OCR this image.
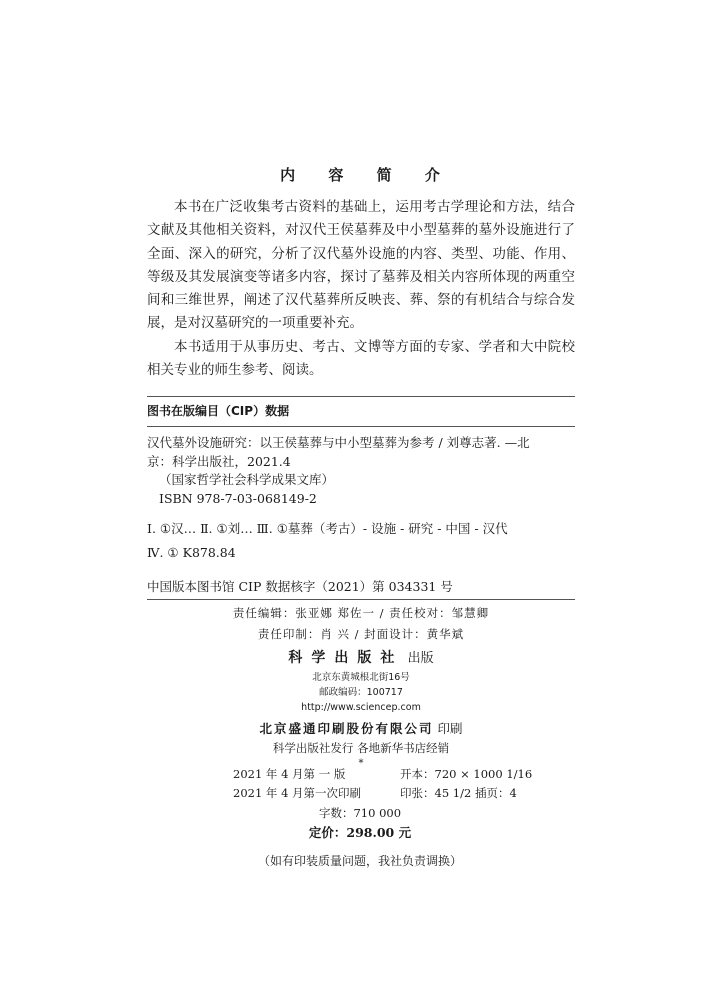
内 容 简 介

本书在广泛收集考古资料的基础上，运用考古学理论和方法，结合文献及其他相关资料，对汉代王侯墓葬及中小型墓葬的墓外设施进行了全面、深入的研究，分析了汉代墓外设施的内容、类型、功能、作用、等级及其发展演变等诸多内容，探讨了墓葬及相关内容所体现的两重空间和三维世界，阐述了汉代墓葬所反映丧、葬、祭的有机结合与综合发展，是对汉墓研究的一项重要补充。

本书适用于从事历史、考古、文博等方面的专家、学者和大中院校相关专业的师生参考、阅读。

图书在版编目（CIP）数据
汉代墓外设施研究：以王侯墓葬与中小型墓葬为参考 / 刘尊志著. —北
京：科学出版社，2021.4
（国家哲学社会科学成果文库）
ISBN 978-7-03-068149-2
Ⅰ. ①汉… Ⅱ. ①刘… Ⅲ. ①墓葬（考古）- 设施 - 研究 - 中国 - 汉代
Ⅳ. ① K878.84
中国版本图书馆 CIP 数据核字（2021）第 034331 号
责任编辑：张亚娜 郑佐一 / 责任校对：邹慧卿
责任印制：肖 兴 / 封面设计：黄华斌
科学出版社 出版
北京东黄城根北街16号
邮政编码：100717
http://www.sciencep.com
北京盛通印刷股份有限公司 印刷
科学出版社发行 各地新华书店经销
*
2021 年 4 月第 一 版	开本：720 × 1000 1/16
2021 年 4 月第一次印刷	印张：45 1/2 插页：4
字数：710 000
定价：298.00 元
（如有印装质量问题，我社负责调换）
